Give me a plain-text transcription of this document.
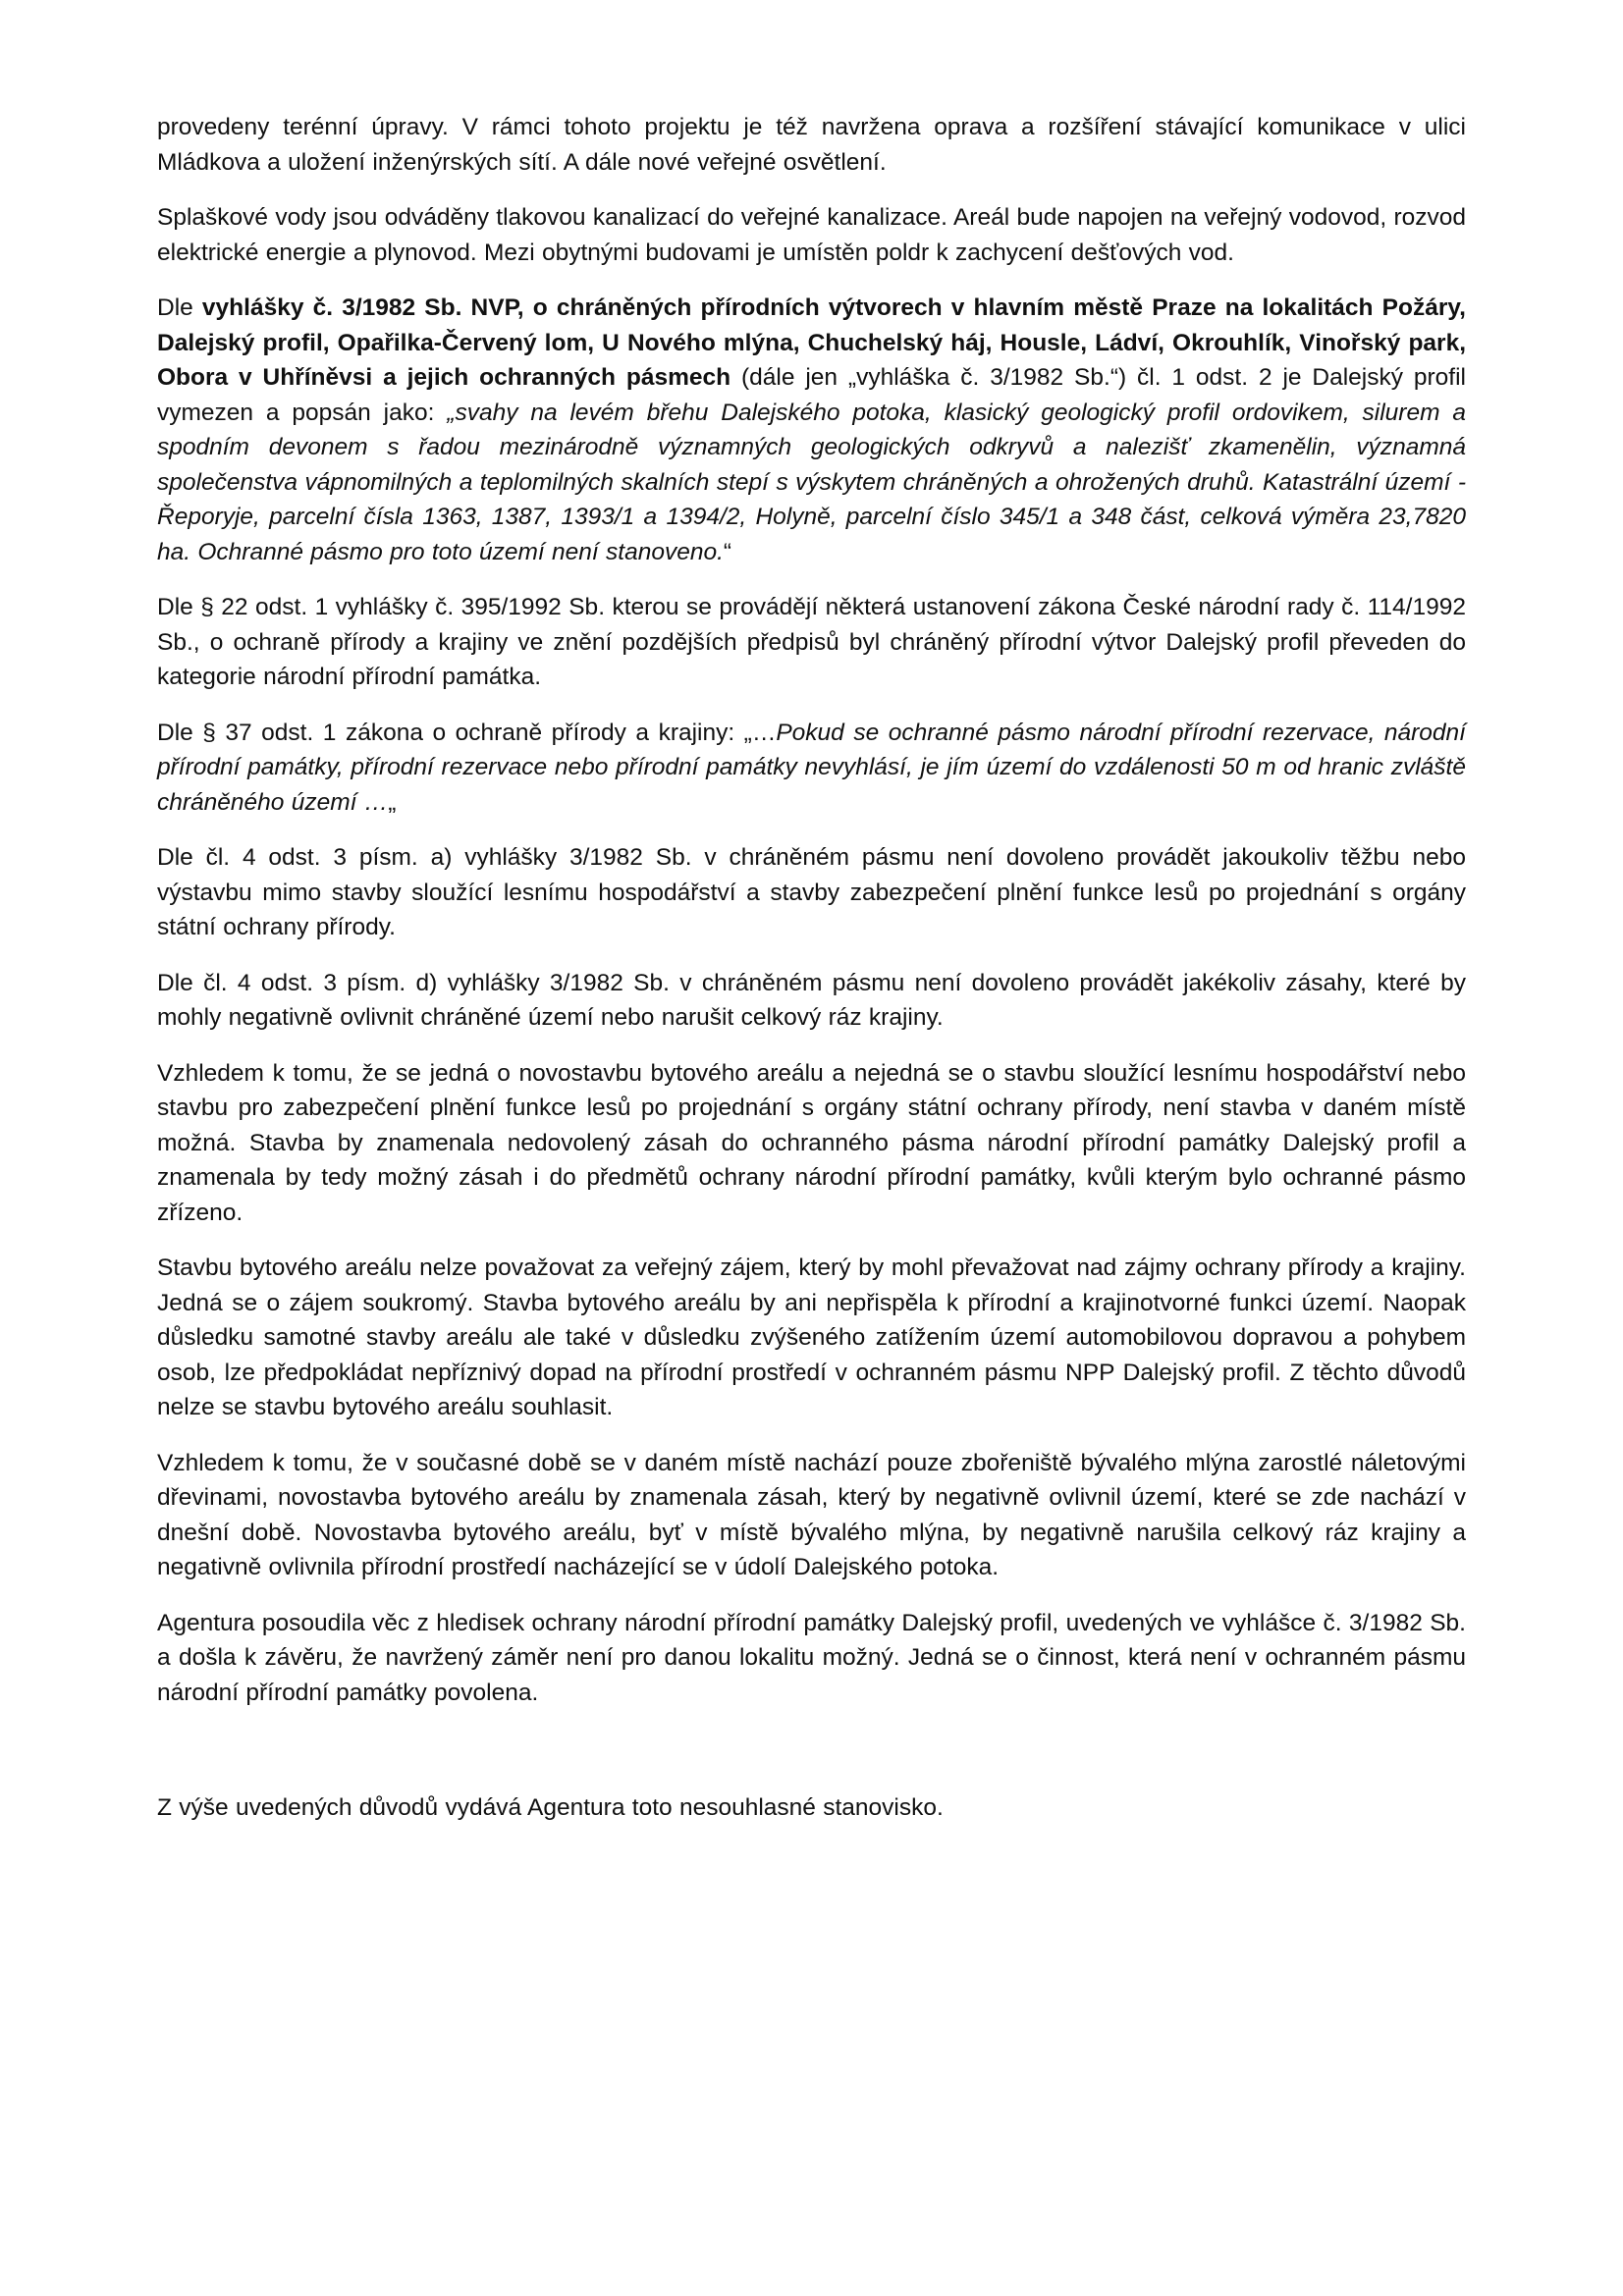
provedeny terénní úpravy. V rámci tohoto projektu je též navržena oprava a rozšíření stávající komunikace v ulici Mládkova a uložení inženýrských sítí. A dále nové veřejné osvětlení.

Splaškové vody jsou odváděny tlakovou kanalizací do veřejné kanalizace. Areál bude napojen na veřejný vodovod, rozvod elektrické energie a plynovod. Mezi obytnými budovami je umístěn poldr k zachycení dešťových vod.

Dle vyhlášky č. 3/1982 Sb. NVP, o chráněných přírodních výtvorech v hlavním městě Praze na lokalitách Požáry, Dalejský profil, Opařilka-Červený lom, U Nového mlýna, Chuchelský háj, Housle, Ládví, Okrouhlík, Vinořský park, Obora v Uhříněvsi a jejich ochranných pásmech (dále jen „vyhláška č. 3/1982 Sb.“) čl. 1 odst. 2 je Dalejský profil vymezen a popsán jako: „svahy na levém břehu Dalejského potoka, klasický geologický profil ordovikem, silurem a spodním devonem s řadou mezinárodně významných geologických odkryvů a nalezišť zkamenělin, významná společenstva vápnomilných a teplomilných skalních stepí s výskytem chráněných a ohrožených druhů. Katastrální území - Řeporyje, parcelní čísla 1363, 1387, 1393/1 a 1394/2, Holyně, parcelní číslo 345/1 a 348 část, celková výměra 23,7820 ha. Ochranné pásmo pro toto území není stanoveno.“

Dle § 22 odst. 1 vyhlášky č. 395/1992 Sb. kterou se provádějí některá ustanovení zákona České národní rady č. 114/1992 Sb., o ochraně přírody a krajiny ve znění pozdějších předpisů byl chráněný přírodní výtvor Dalejský profil převeden do kategorie národní přírodní památka.

Dle § 37 odst. 1 zákona o ochraně přírody a krajiny: „…Pokud se ochranné pásmo národní přírodní rezervace, národní přírodní památky, přírodní rezervace nebo přírodní památky nevyhlásí, je jím území do vzdálenosti 50 m od hranic zvláště chráněného území …„

Dle čl. 4 odst. 3 písm. a) vyhlášky 3/1982 Sb. v chráněném pásmu není dovoleno provádět jakoukoliv těžbu nebo výstavbu mimo stavby sloužící lesnímu hospodářství a stavby zabezpečení plnění funkce lesů po projednání s orgány státní ochrany přírody.

Dle čl. 4 odst. 3 písm. d) vyhlášky 3/1982 Sb. v chráněném pásmu není dovoleno provádět jakékoliv zásahy, které by mohly negativně ovlivnit chráněné území nebo narušit celkový ráz krajiny.

Vzhledem k tomu, že se jedná o novostavbu bytového areálu a nejedná se o stavbu sloužící lesnímu hospodářství nebo stavbu pro zabezpečení plnění funkce lesů po projednání s orgány státní ochrany přírody, není stavba v daném místě možná. Stavba by znamenala nedovolený zásah do ochranného pásma národní přírodní památky Dalejský profil a znamenala by tedy možný zásah i do předmětů ochrany národní přírodní památky, kvůli kterým bylo ochranné pásmo zřízeno.

Stavbu bytového areálu nelze považovat za veřejný zájem, který by mohl převažovat nad zájmy ochrany přírody a krajiny. Jedná se o zájem soukromý. Stavba bytového areálu by ani nepřispěla k přírodní a krajinotvorné funkci území. Naopak důsledku samotné stavby areálu ale také v důsledku zvýšeného zatížením území automobilovou dopravou a pohybem osob, lze předpokládat nepříznivý dopad na přírodní prostředí v ochranném pásmu NPP Dalejský profil. Z těchto důvodů nelze se stavbu bytového areálu souhlasit.

Vzhledem k tomu, že v současné době se v daném místě nachází pouze zbořeniště bývalého mlýna zarostlé náletovými dřevinami, novostavba bytového areálu by znamenala zásah, který by negativně ovlivnil území, které se zde nachází v dnešní době. Novostavba bytového areálu, byť v místě bývalého mlýna, by negativně narušila celkový ráz krajiny a negativně ovlivnila přírodní prostředí nacházející se v údolí Dalejského potoka.

Agentura posoudila věc z hledisek ochrany národní přírodní památky Dalejský profil, uvedených ve vyhlášce č. 3/1982 Sb. a došla k závěru, že navržený záměr není pro danou lokalitu možný. Jedná se o činnost, která není v ochranném pásmu národní přírodní památky povolena.

Z výše uvedených důvodů vydává Agentura toto nesouhlasné stanovisko.
